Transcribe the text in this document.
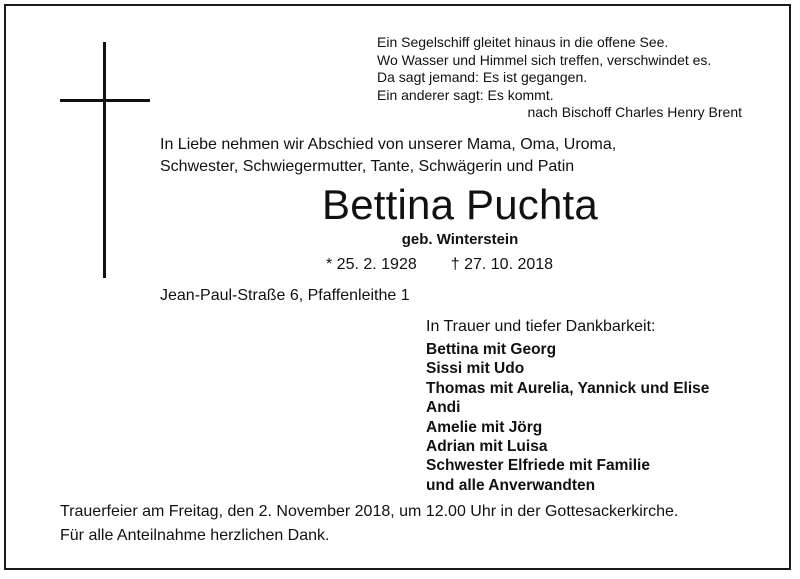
Ein Segelschiff gleitet hinaus in die offene See.
Wo Wasser und Himmel sich treffen, verschwindet es.
Da sagt jemand: Es ist gegangen.
Ein anderer sagt: Es kommt.
nach Bischoff Charles Henry Brent
In Liebe nehmen wir Abschied von unserer Mama, Oma, Uroma,
Schwester, Schwiegermutter, Tante, Schwägerin und Patin
Bettina Puchta
geb. Winterstein
* 25. 2. 1928 † 27. 10. 2018
Jean-Paul-Straße 6, Pfaffenleithe 1
In Trauer und tiefer Dankbarkeit:
Bettina mit Georg
Sissi mit Udo
Thomas mit Aurelia, Yannick und Elise
Andi
Amelie mit Jörg
Adrian mit Luisa
Schwester Elfriede mit Familie
und alle Anverwandten
Trauerfeier am Freitag, den 2. November 2018, um 12.00 Uhr in der Gottesackerkirche.
Für alle Anteilnahme herzlichen Dank.
